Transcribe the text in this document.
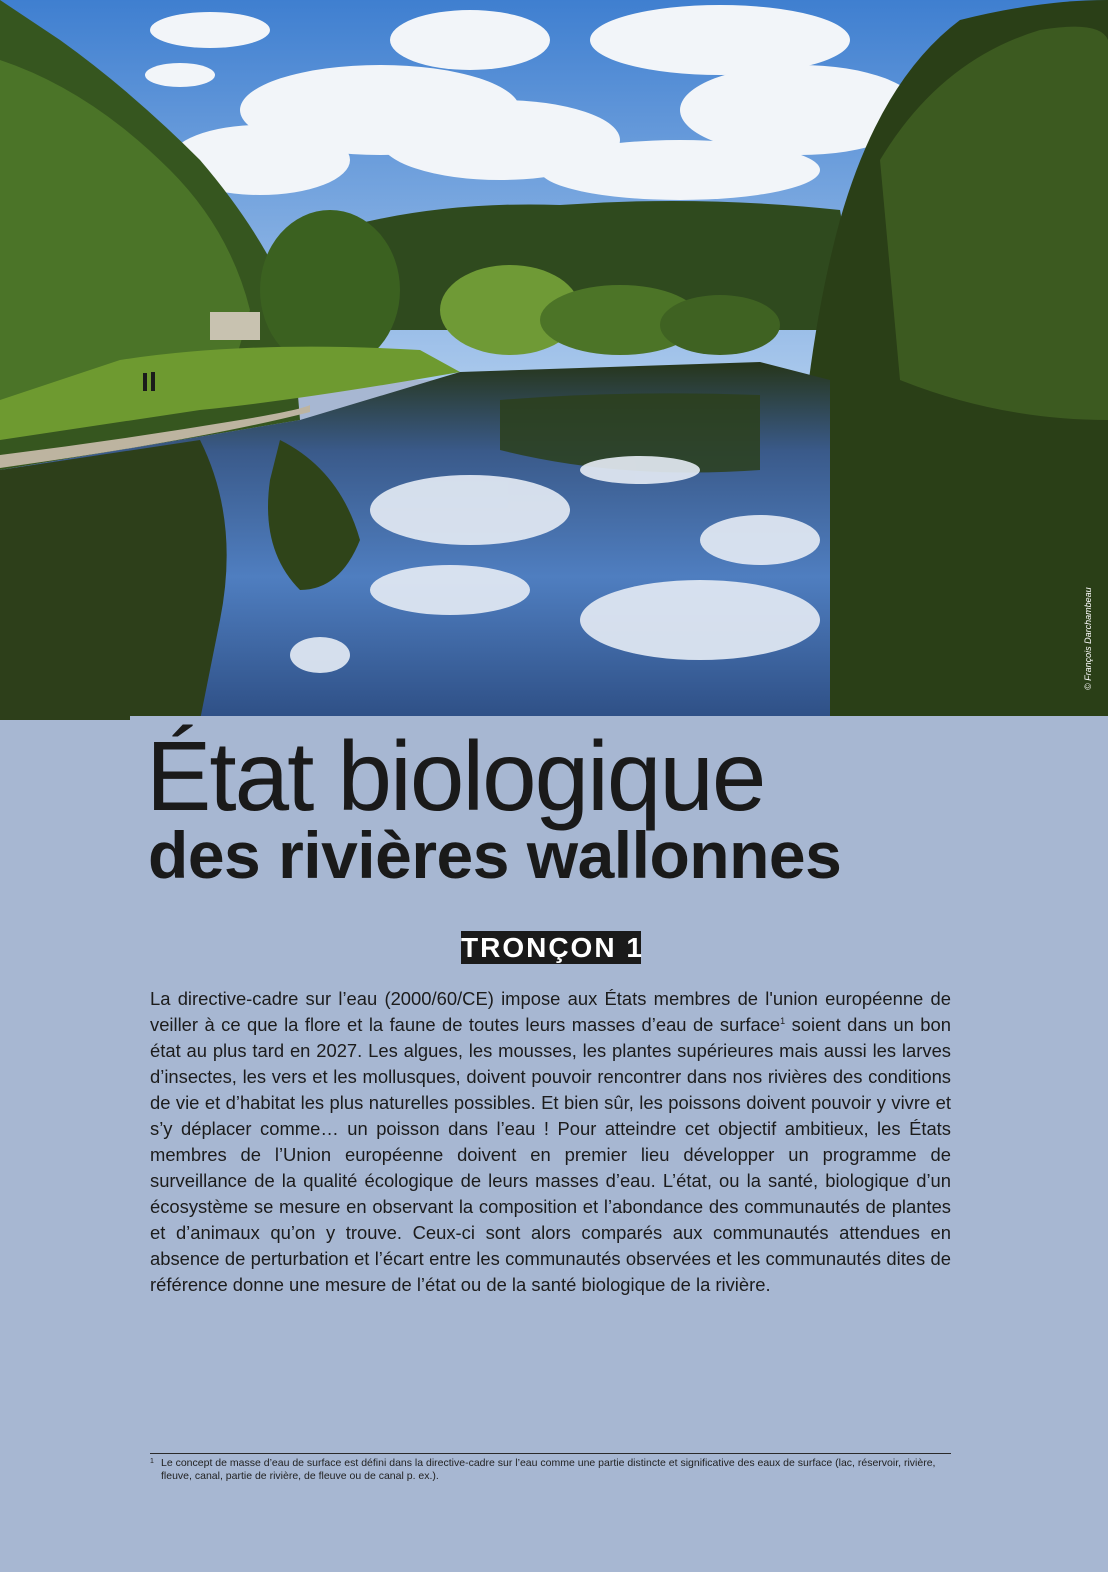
© François Darchambeau
État biologique
des rivières wallonnes
TRONÇON 1

La directive-cadre sur l’eau (2000/60/CE) impose aux États membres de l'union européenne de veiller à ce que la flore et la faune de toutes leurs masses d’eau de surface$^1$ soient dans un bon état au plus tard en 2027. Les algues, les mousses, les plantes supérieures mais aussi les larves d’insectes, les vers et les mollusques, doivent pouvoir rencontrer dans nos rivières des conditions de vie et d’habitat les plus naturelles possibles. Et bien sûr, les poissons doivent pouvoir y vivre et s’y déplacer comme… un poisson dans l’eau ! Pour atteindre cet objectif ambitieux, les États membres de l’Union européenne doivent en premier lieu développer un programme de surveillance de la qualité écologique de leurs masses d’eau. L’état, ou la santé, biologique d’un écosystème se mesure en observant la composition et l’abondance des communautés de plantes et d’animaux qu’on y trouve. Ceux-ci sont alors comparés aux communautés attendues en absence de perturbation et l’écart entre les communautés observées et les communautés dites de référence donne une mesure de l’état ou de la santé biologique de la rivière.

1 Le concept de masse d’eau de surface est défini dans la directive-cadre sur l’eau comme une partie distincte et significative des eaux de surface (lac, réservoir, rivière, fleuve, canal, partie de rivière, de fleuve ou de canal p. ex.).
